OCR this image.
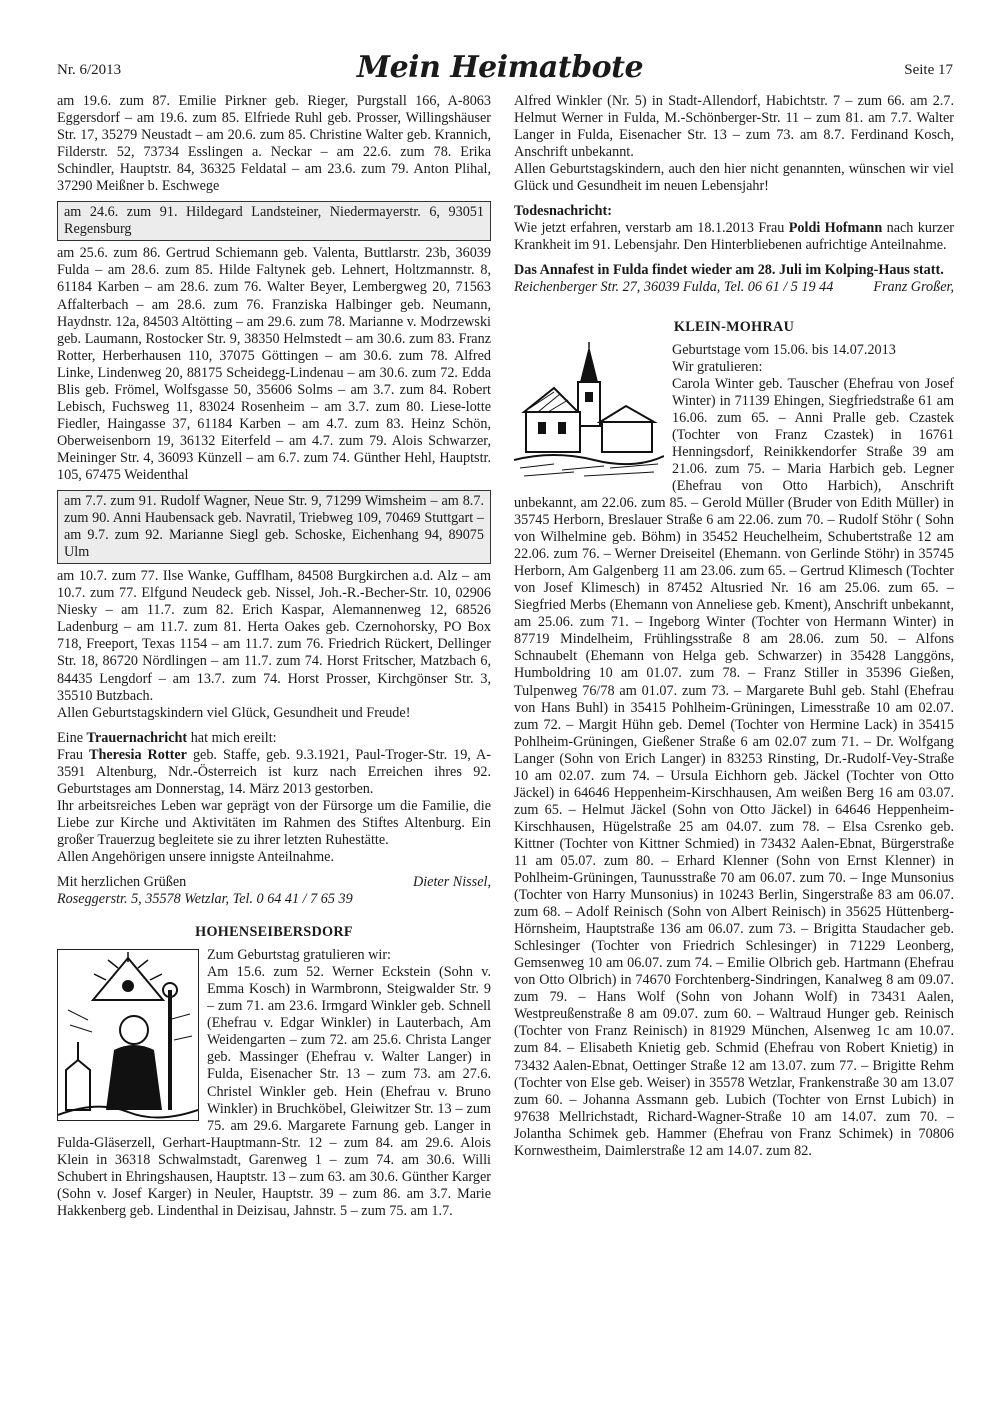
Nr. 6/2013	Mein Heimatbote	Seite 17

am 19.6. zum 87. Emilie Pirkner geb. Rieger, Purgstall 166, A-8063 Eggersdorf – am 19.6. zum 85. Elfriede Ruhl geb. Prosser, Willingshäuser Str. 17, 35279 Neustadt – am 20.6. zum 85. Christine Walter geb. Krannich, Filderstr. 52, 73734 Esslingen a. Neckar – am 22.6. zum 78. Erika Schindler, Hauptstr. 84, 36325 Feldatal – am 23.6. zum 79. Anton Plihal, 37290 Meißner b. Eschwege

am 24.6. zum 91. Hildegard Landsteiner, Niedermayerstr. 6, 93051 Regensburg

am 25.6. zum 86. Gertrud Schiemann geb. Valenta, Buttlarstr. 23b, 36039 Fulda – am 28.6. zum 85. Hilde Faltynek geb. Lehnert, Holtzmannstr. 8, 61184 Karben – am 28.6. zum 76. Walter Beyer, Lembergweg 20, 71563 Affalterbach – am 28.6. zum 76. Franziska Halbinger geb. Neumann, Haydnstr. 12a, 84503 Altötting – am 29.6. zum 78. Marianne v. Modrzewski geb. Laumann, Rostocker Str. 9, 38350 Helmstedt – am 30.6. zum 83. Franz Rotter, Herberhausen 110, 37075 Göttingen – am 30.6. zum 78. Alfred Linke, Lindenweg 20, 88175 Scheidegg-Lindenau – am 30.6. zum 72. Edda Blis geb. Frömel, Wolfsgasse 50, 35606 Solms – am 3.7. zum 84. Robert Lebisch, Fuchsweg 11, 83024 Rosenheim – am 3.7. zum 80. Liese-lotte Fiedler, Haingasse 37, 61184 Karben – am 4.7. zum 83. Heinz Schön, Oberweisenborn 19, 36132 Eiterfeld – am 4.7. zum 79. Alois Schwarzer, Meininger Str. 4, 36093 Künzell – am 6.7. zum 74. Günther Hehl, Hauptstr. 105, 67475 Weidenthal

am 7.7. zum 91. Rudolf Wagner, Neue Str. 9, 71299 Wimsheim – am 8.7. zum 90. Anni Haubensack geb. Navratil, Triebweg 109, 70469 Stuttgart – am 9.7. zum 92. Marianne Siegl geb. Schoske, Eichenhang 94, 89075 Ulm

am 10.7. zum 77. Ilse Wanke, Gufflham, 84508 Burgkirchen a.d. Alz – am 10.7. zum 77. Elfgund Neudeck geb. Nissel, Joh.-R.-Becher-Str. 10, 02906 Niesky – am 11.7. zum 82. Erich Kaspar, Alemannenweg 12, 68526 Ladenburg – am 11.7. zum 81. Herta Oakes geb. Czernohorsky, PO Box 718, Freeport, Texas 1154 – am 11.7. zum 76. Friedrich Rückert, Dellinger Str. 18, 86720 Nördlingen – am 11.7. zum 74. Horst Fritscher, Matzbach 6, 84435 Lengdorf – am 13.7. zum 74. Horst Prosser, Kirchgönser Str. 3, 35510 Butzbach.

Allen Geburtstagskindern viel Glück, Gesundheit und Freude!

Eine Trauernachricht hat mich ereilt:

Frau Theresia Rotter geb. Staffe, geb. 9.3.1921, Paul-Troger-Str. 19, A-3591 Altenburg, Ndr.-Österreich ist kurz nach Erreichen ihres 92. Geburtstages am Donnerstag, 14. März 2013 gestorben.

Ihr arbeitsreiches Leben war geprägt von der Fürsorge um die Familie, die Liebe zur Kirche und Aktivitäten im Rahmen des Stiftes Altenburg. Ein großer Trauerzug begleitete sie zu ihrer letzten Ruhestätte.

Allen Angehörigen unsere innigste Anteilnahme.

Mit herzlichen Grüßen	Dieter Nissel,

Roseggerstr. 5, 35578 Wetzlar, Tel. 0 64 41 / 7 65 39

HOHENSEIBERSDORF

Zum Geburtstag gratulieren wir:

Am 15.6. zum 52. Werner Eckstein (Sohn v. Emma Kosch) in Warmbronn, Steigwalder Str. 9 – zum 71. am 23.6. Irmgard Winkler geb. Schnell (Ehefrau v. Edgar Winkler) in Lauterbach, Am Weidengarten – zum 72. am 25.6. Christa Langer geb. Massinger (Ehefrau v. Walter Langer) in Fulda, Eisenacher Str. 13 – zum 73. am 27.6. Christel Winkler geb. Hein (Ehefrau v. Bruno Winkler) in Bruchköbel, Gleiwitzer Str. 13 – zum 75. am 29.6. Margarete Farnung geb. Langer in Fulda-Gläserzell, Gerhart-Hauptmann-Str. 12 – zum 84. am 29.6. Alois Klein in 36318 Schwalmstadt, Garenweg 1 – zum 74. am 30.6. Willi Schubert in Ehringshausen, Hauptstr. 13 – zum 63. am 30.6. Günther Karger (Sohn v. Josef Karger) in Neuler, Hauptstr. 39 – zum 86. am 3.7. Marie Hakkenberg geb. Lindenthal in Deizisau, Jahnstr. 5 – zum 75. am 1.7.

Alfred Winkler (Nr. 5) in Stadt-Allendorf, Habichtstr. 7 – zum 66. am 2.7. Helmut Werner in Fulda, M.-Schönberger-Str. 11 – zum 81. am 7.7. Walter Langer in Fulda, Eisenacher Str. 13 – zum 73. am 8.7. Ferdinand Kosch, Anschrift unbekannt.

Allen Geburtstagskindern, auch den hier nicht genannten, wünschen wir viel Glück und Gesundheit im neuen Lebensjahr!

Todesnachricht:

Wie jetzt erfahren, verstarb am 18.1.2013 Frau Poldi Hofmann nach kurzer Krankheit im 91. Lebensjahr. Den Hinterbliebenen aufrichtige Anteilnahme.

Das Annafest in Fulda findet wieder am 28. Juli im Kolping-Haus statt.
Franz Großer,

Reichenberger Str. 27, 36039 Fulda, Tel. 06 61 / 5 19 44

KLEIN-MOHRAU

Geburtstage vom 15.06. bis 14.07.2013

Wir gratulieren:

Carola Winter geb. Tauscher (Ehefrau von Josef Winter) in 71139 Ehingen, Siegfriedstraße 61 am 16.06. zum 65. – Anni Pralle geb. Czastek (Tochter von Franz Czastek) in 16761 Henningsdorf, Reinikkendorfer Straße 39 am 21.06. zum 75. – Maria Harbich geb. Legner (Ehefrau von Otto Harbich), Anschrift unbekannt, am 22.06. zum 85. – Gerold Müller (Bruder von Edith Müller) in 35745 Herborn, Breslauer Straße 6 am 22.06. zum 70. – Rudolf Stöhr ( Sohn von Wilhelmine geb. Böhm) in 35452 Heuchelheim, Schubertstraße 12 am 22.06. zum 76. – Werner Dreiseitel (Ehemann. von Gerlinde Stöhr) in 35745 Herborn, Am Galgenberg 11 am 23.06. zum 65. – Gertrud Klimesch (Tochter von Josef Klimesch) in 87452 Altusried Nr. 16 am 25.06. zum 65. – Siegfried Merbs (Ehemann von Anneliese geb. Kment), Anschrift unbekannt, am 25.06. zum 71. – Ingeborg Winter (Tochter von Hermann Winter) in 87719 Mindelheim, Frühlingsstraße 8 am 28.06. zum 50. – Alfons Schnaubelt (Ehemann von Helga geb. Schwarzer) in 35428 Langgöns, Humboldring 10 am 01.07. zum 78. – Franz Stiller in 35396 Gießen, Tulpenweg 76/78 am 01.07. zum 73. – Margarete Buhl geb. Stahl (Ehefrau von Hans Buhl) in 35415 Pohlheim-Grüningen, Limesstraße 10 am 02.07. zum 72. – Margit Hühn geb. Demel (Tochter von Hermine Lack) in 35415 Pohlheim-Grüningen, Gießener Straße 6 am 02.07 zum 71. – Dr. Wolfgang Langer (Sohn von Erich Langer) in 83253 Rinsting, Dr.-Rudolf-Vey-Straße 10 am 02.07. zum 74. – Ursula Eichhorn geb. Jäckel (Tochter von Otto Jäckel) in 64646 Heppenheim-Kirschhausen, Am weißen Berg 16 am 03.07. zum 65. – Helmut Jäckel (Sohn von Otto Jäckel) in 64646 Heppenheim-Kirschhausen, Hügelstraße 25 am 04.07. zum 78. – Elsa Csrenko geb. Kittner (Tochter von Kittner Schmied) in 73432 Aalen-Ebnat, Bürgerstraße 11 am 05.07. zum 80. – Erhard Klenner (Sohn von Ernst Klenner) in Pohlheim-Grüningen, Taunusstraße 70 am 06.07. zum 70. – Inge Munsonius (Tochter von Harry Munsonius) in 10243 Berlin, Singerstraße 83 am 06.07. zum 68. – Adolf Reinisch (Sohn von Albert Reinisch) in 35625 Hüttenberg-Hörnsheim, Hauptstraße 136 am 06.07. zum 73. – Brigitta Staudacher geb. Schlesinger (Tochter von Friedrich Schlesinger) in 71229 Leonberg, Gemsenweg 10 am 06.07. zum 74. – Emilie Olbrich geb. Hartmann (Ehefrau von Otto Olbrich) in 74670 Forchtenberg-Sindringen, Kanalweg 8 am 09.07. zum 79. – Hans Wolf (Sohn von Johann Wolf) in 73431 Aalen, Westpreußenstraße 8 am 09.07. zum 60. – Waltraud Hunger geb. Reinisch (Tochter von Franz Reinisch) in 81929 München, Alsenweg 1c am 10.07. zum 84. – Elisabeth Knietig geb. Schmid (Ehefrau von Robert Knietig) in 73432 Aalen-Ebnat, Oettinger Straße 12 am 13.07. zum 77. – Brigitte Rehm (Tochter von Else geb. Weiser) in 35578 Wetzlar, Frankenstraße 30 am 13.07 zum 60. – Johanna Assmann geb. Lubich (Tochter von Ernst Lubich) in 97638 Mellrichstadt, Richard-Wagner-Straße 10 am 14.07. zum 70. – Jolantha Schimek geb. Hammer (Ehefrau von Franz Schimek) in 70806 Kornwestheim, Daimlerstraße 12 am 14.07. zum 82.
